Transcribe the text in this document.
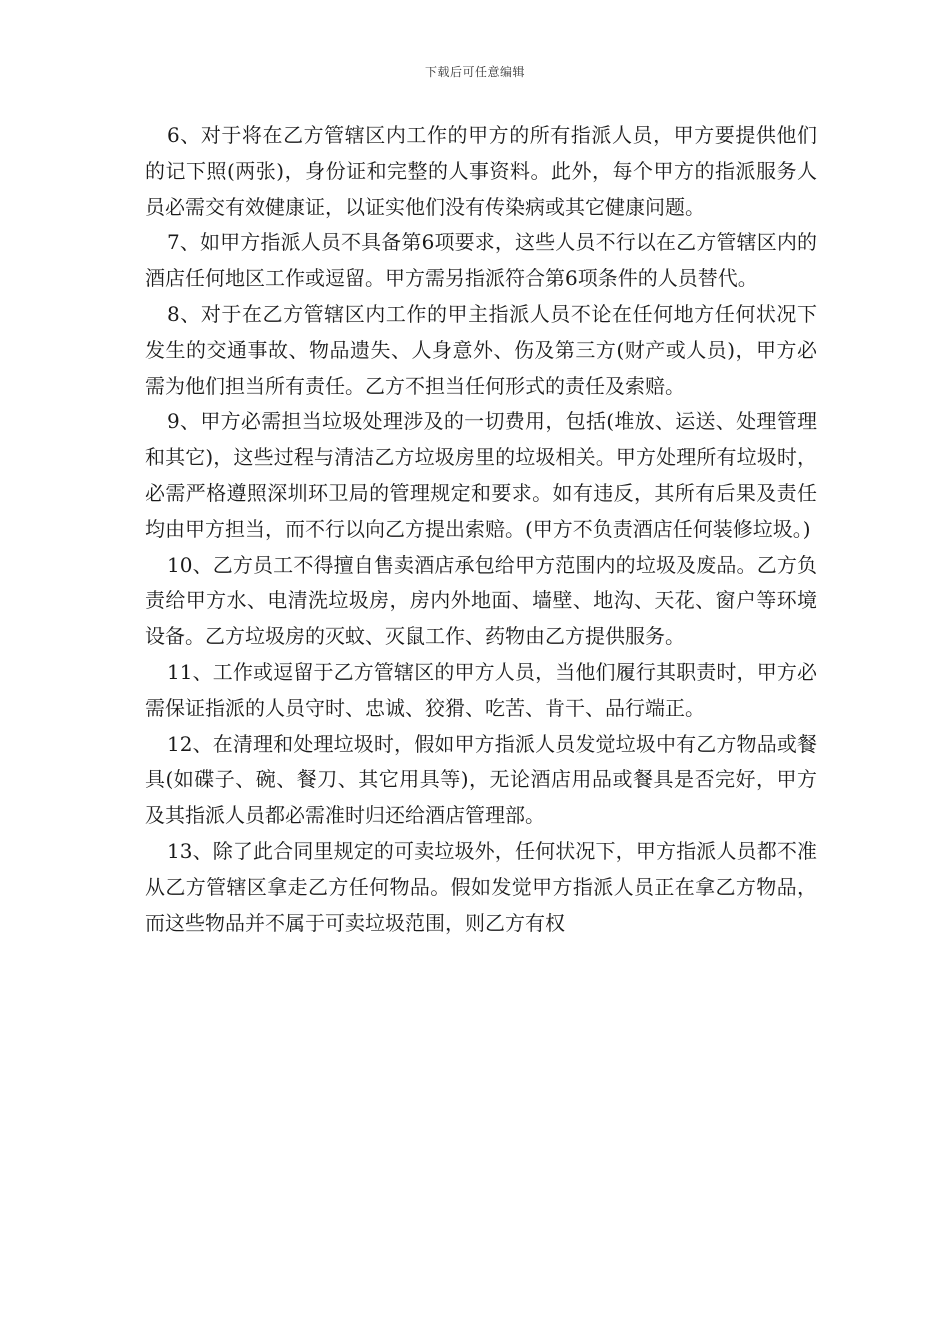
下载后可任意编辑

6、对于将在乙方管辖区内工作的甲方的所有指派人员，甲方要提供他们的记下照(两张)，身份证和完整的人事资料。此外，每个甲方的指派服务人员必需交有效健康证，以证实他们没有传染病或其它健康问题。

7、如甲方指派人员不具备第6项要求，这些人员不行以在乙方管辖区内的酒店任何地区工作或逗留。甲方需另指派符合第6项条件的人员替代。

8、对于在乙方管辖区内工作的甲主指派人员不论在任何地方任何状况下发生的交通事故、物品遗失、人身意外、伤及第三方(财产或人员)，甲方必需为他们担当所有责任。乙方不担当任何形式的责任及索赔。

9、甲方必需担当垃圾处理涉及的一切费用，包括(堆放、运送、处理管理和其它)，这些过程与清洁乙方垃圾房里的垃圾相关。甲方处理所有垃圾时，必需严格遵照深圳环卫局的管理规定和要求。如有违反，其所有后果及责任均由甲方担当，而不行以向乙方提出索赔。(甲方不负责酒店任何装修垃圾。)

10、乙方员工不得擅自售卖酒店承包给甲方范围内的垃圾及废品。乙方负责给甲方水、电清洗垃圾房，房内外地面、墙壁、地沟、天花、窗户等环境设备。乙方垃圾房的灭蚊、灭鼠工作、药物由乙方提供服务。

11、工作或逗留于乙方管辖区的甲方人员，当他们履行其职责时，甲方必需保证指派的人员守时、忠诚、狡猾、吃苦、肯干、品行端正。

12、在清理和处理垃圾时，假如甲方指派人员发觉垃圾中有乙方物品或餐具(如碟子、碗、餐刀、其它用具等)，无论酒店用品或餐具是否完好，甲方及其指派人员都必需准时归还给酒店管理部。

13、除了此合同里规定的可卖垃圾外，任何状况下，甲方指派人员都不准从乙方管辖区拿走乙方任何物品。假如发觉甲方指派人员正在拿乙方物品，而这些物品并不属于可卖垃圾范围，则乙方有权
